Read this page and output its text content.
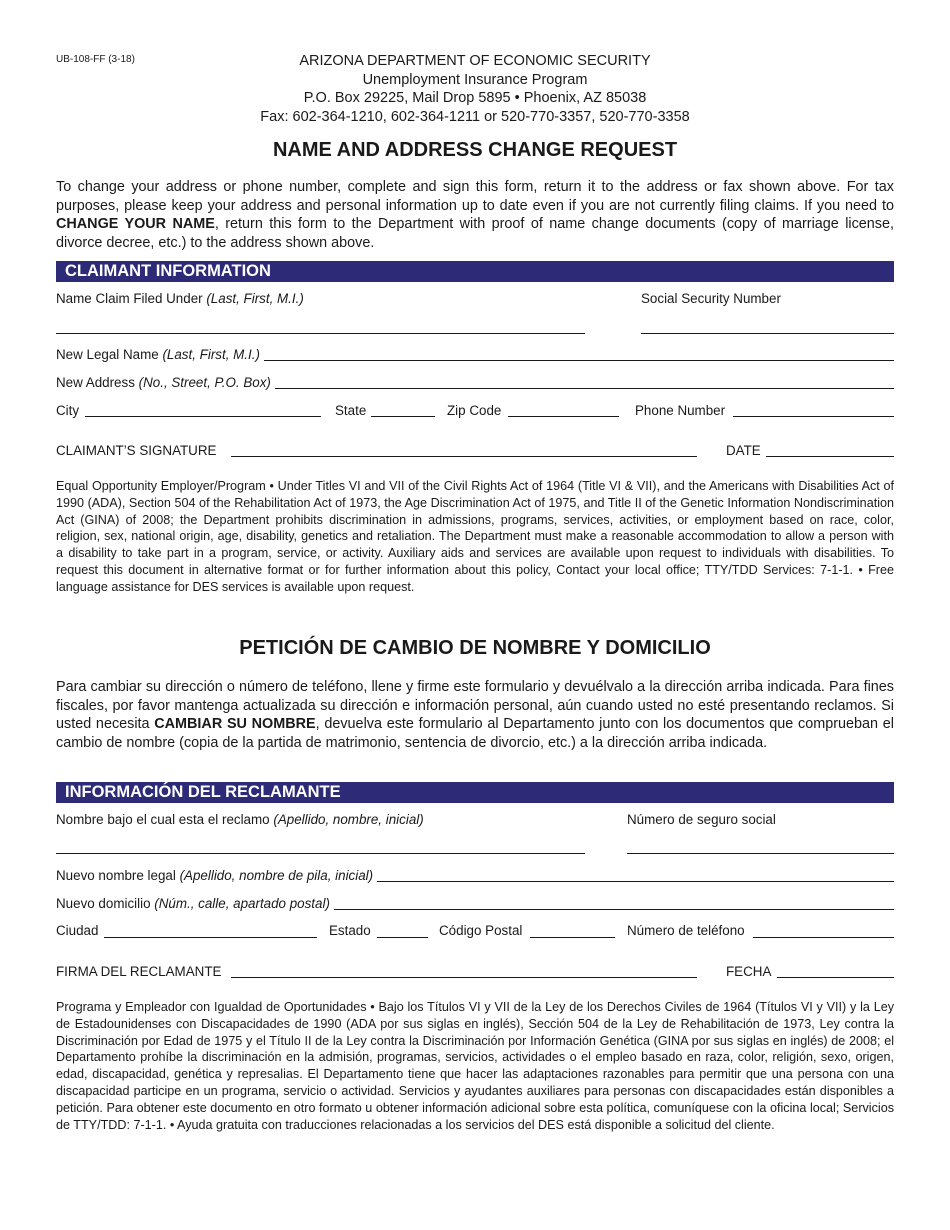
UB-108-FF (3-18)	ARIZONA DEPARTMENT OF ECONOMIC SECURITY
Unemployment Insurance Program
P.O. Box 29225, Mail Drop 5895 • Phoenix, AZ 85038
Fax: 602-364-1210, 602-364-1211 or 520-770-3357, 520-770-3358
NAME AND ADDRESS CHANGE REQUEST
To change your address or phone number, complete and sign this form, return it to the address or fax shown above. For tax purposes, please keep your address and personal information up to date even if you are not currently filing claims. If you need to CHANGE YOUR NAME, return this form to the Department with proof of name change documents (copy of marriage license, divorce decree, etc.) to the address shown above.
CLAIMANT INFORMATION
Name Claim Filed Under (Last, First, M.I.)	Social Security Number
New Legal Name (Last, First, M.I.)
New Address (No., Street, P.O. Box)
City	State	Zip Code	Phone Number
CLAIMANT’S SIGNATURE	DATE
Equal Opportunity Employer/Program • Under Titles VI and VII of the Civil Rights Act of 1964 (Title VI & VII), and the Americans with Disabilities Act of 1990 (ADA), Section 504 of the Rehabilitation Act of 1973, the Age Discrimination Act of 1975, and Title II of the Genetic Information Nondiscrimination Act (GINA) of 2008; the Department prohibits discrimination in admissions, programs, services, activities, or employment based on race, color, religion, sex, national origin, age, disability, genetics and retaliation. The Department must make a reasonable accommodation to allow a person with a disability to take part in a program, service, or activity. Auxiliary aids and services are available upon request to individuals with disabilities. To request this document in alternative format or for further information about this policy, Contact your local office; TTY/TDD Services: 7-1-1. • Free language assistance for DES services is available upon request.
PETICIÓN DE CAMBIO DE NOMBRE Y DOMICILIO
Para cambiar su dirección o número de teléfono, llene y firme este formulario y devuélvalo a la dirección arriba indicada. Para fines fiscales, por favor mantenga actualizada su dirección e información personal, aún cuando usted no esté presentando reclamos. Si usted necesita CAMBIAR SU NOMBRE, devuelva este formulario al Departamento junto con los documentos que comprueban el cambio de nombre (copia de la partida de matrimonio, sentencia de divorcio, etc.) a la dirección arriba indicada.
INFORMACIÓN DEL RECLAMANTE
Nombre bajo el cual esta el reclamo (Apellido, nombre, inicial)	Número de seguro social
Nuevo nombre legal (Apellido, nombre de pila, inicial)
Nuevo domicilio (Núm., calle, apartado postal)
Ciudad	Estado	Código Postal	Número de teléfono
FIRMA DEL RECLAMANTE	FECHA
Programa y Empleador con Igualdad de Oportunidades • Bajo los Títulos VI y VII de la Ley de los Derechos Civiles de 1964 (Títulos VI y VII) y la Ley de Estadounidenses con Discapacidades de 1990 (ADA por sus siglas en inglés), Sección 504 de la Ley de Rehabilitación de 1973, Ley contra la Discriminación por Edad de 1975 y el Título II de la Ley contra la Discriminación por Información Genética (GINA por sus siglas en inglés) de 2008; el Departamento prohíbe la discriminación en la admisión, programas, servicios, actividades o el empleo basado en raza, color, religión, sexo, origen, edad, discapacidad, genética y represalias. El Departamento tiene que hacer las adaptaciones razonables para permitir que una persona con una discapacidad participe en un programa, servicio o actividad. Servicios y ayudantes auxiliares para personas con discapacidades están disponibles a petición. Para obtener este documento en otro formato u obtener información adicional sobre esta política, comuníquese con la oficina local; Servicios de TTY/TDD: 7-1-1. • Ayuda gratuita con traducciones relacionadas a los servicios del DES está disponible a solicitud del cliente.
